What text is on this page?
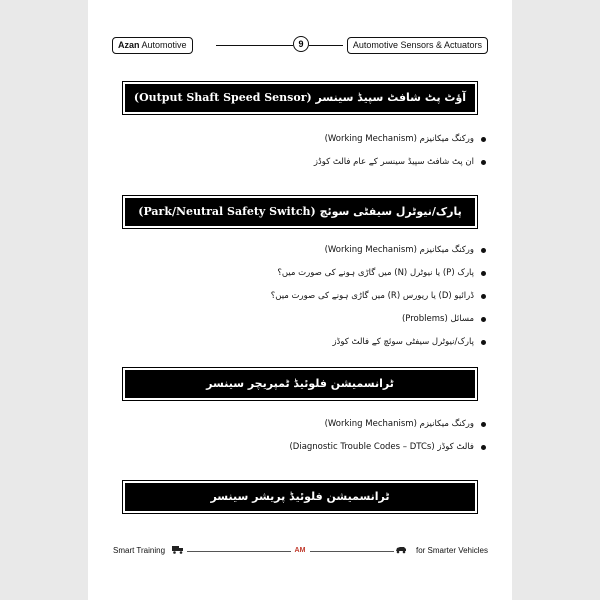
Azan Automotive	9	Automotive Sensors & Actuators
(Output Shaft Speed Sensor) آؤٹ پٹ شافٹ سپیڈ سینسر
ورکنگ میکانیزم (Working Mechanism)
ان پٹ شافٹ سپیڈ سینسر کے عام فالٹ کوڈز
(Park/Neutral Safety Switch) پارک/نیوٹرل سیفٹی سوئچ
ورکنگ میکانیزم (Working Mechanism)
پارک (P) یا نیوٹرل (N) میں گاڑی ہونے کی صورت میں؟
ڈرائیو (D) یا ریورس (R) میں گاڑی ہونے کی صورت میں؟
مسائل (Problems)
پارک/نیوٹرل سیفٹی سوئچ کے فالٹ کوڈز
ٹرانسمیشن فلوئیڈ ٹمپریچر سینسر
ورکنگ میکانیزم (Working Mechanism)
فالٹ کوڈز (Diagnostic Trouble Codes – DTCs)
ٹرانسمیشن فلوئیڈ پریشر سینسر
Smart Training	AM	for Smarter Vehicles
